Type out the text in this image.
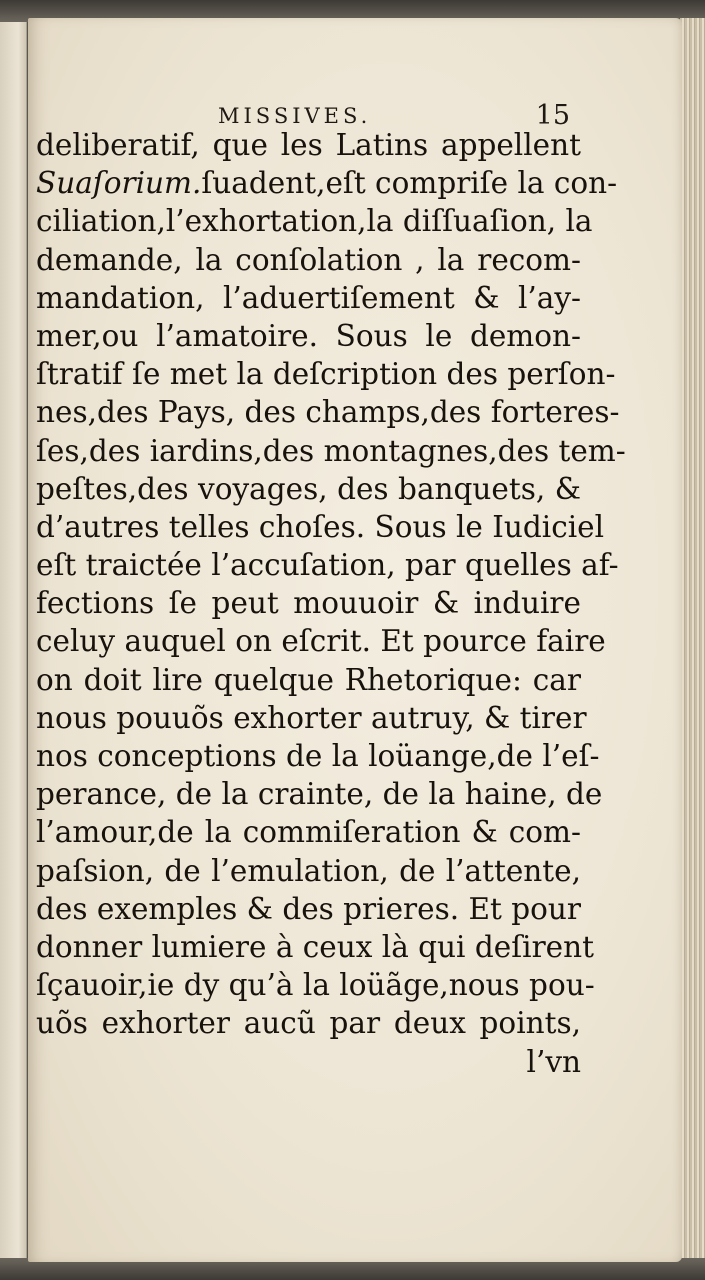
MISSIVES.	15
deliberatif, que les Latins appellent
Suaſorium.ſuadent,eſt compriſe la con-
ciliation,l’exhortation,la diſſuaſion, la
demande, la conſolation , la recom-
mandation, l’aduertiſement & l’ay-
mer,ou l’amatoire. Sous le demon-
ſtratif ſe met la deſcription des perſon-
nes,des Pays, des champs,des forteres-
ſes,des iardins,des montagnes,des tem-
peſtes,des voyages, des banquets, &
d’autres telles choſes. Sous le Iudiciel
eſt traictée l’accuſation, par quelles af-
fections ſe peut mouuoir & induire
celuy auquel on eſcrit. Et pource faire
on doit lire quelque Rhetorique: car
nous pouuõs exhorter autruy, & tirer
nos conceptions de la loüange,de l’eſ-
perance, de la crainte, de la haine, de
l’amour,de la commiſeration & com-
paſsion, de l’emulation, de l’attente,
des exemples & des prieres. Et pour
donner lumiere à ceux là qui deſirent
ſçauoir,ie dy qu’à la loüãge,nous pou-
uõs exhorter aucũ par deux points,
l’vn
